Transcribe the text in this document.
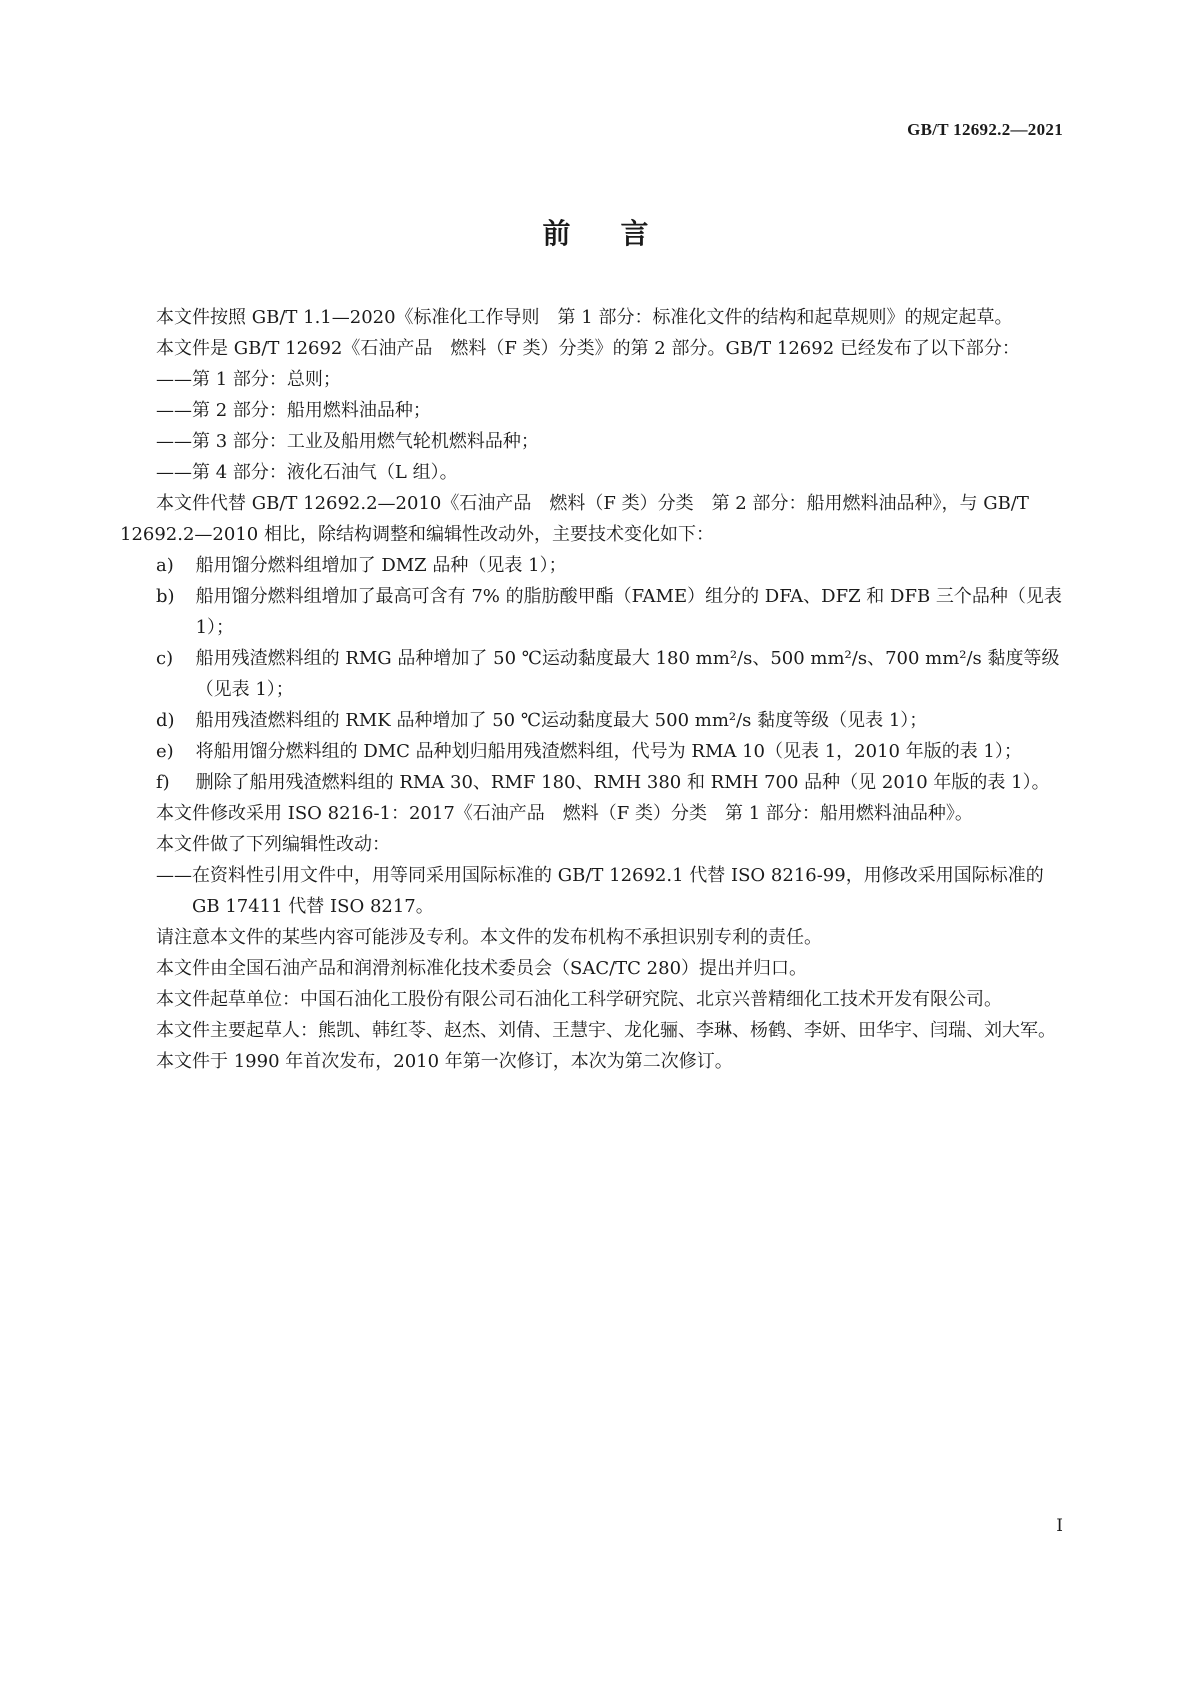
GB/T 12692.2—2021
前言

本文件按照 GB/T 1.1—2020《标准化工作导则　第 1 部分：标准化文件的结构和起草规则》的规定起草。

本文件是 GB/T 12692《石油产品　燃料（F 类）分类》的第 2 部分。GB/T 12692 已经发布了以下部分：

——第 1 部分：总则；

——第 2 部分：船用燃料油品种；

——第 3 部分：工业及船用燃气轮机燃料品种；

——第 4 部分：液化石油气（L 组）。

本文件代替 GB/T 12692.2—2010《石油产品　燃料（F 类）分类　第 2 部分：船用燃料油品种》，与 GB/T 12692.2—2010 相比，除结构调整和编辑性改动外，主要技术变化如下：

a)	船用馏分燃料组增加了 DMZ 品种（见表 1）；
b)	船用馏分燃料组增加了最高可含有 7% 的脂肪酸甲酯（FAME）组分的 DFA、DFZ 和 DFB 三个品种（见表 1）；
c)	船用残渣燃料组的 RMG 品种增加了 50 ℃运动黏度最大 180 mm²/s、500 mm²/s、700 mm²/s 黏度等级（见表 1）；
d)	船用残渣燃料组的 RMK 品种增加了 50 ℃运动黏度最大 500 mm²/s 黏度等级（见表 1）；
e)	将船用馏分燃料组的 DMC 品种划归船用残渣燃料组，代号为 RMA 10（见表 1，2010 年版的表 1）；
f)	删除了船用残渣燃料组的 RMA 30、RMF 180、RMH 380 和 RMH 700 品种（见 2010 年版的表 1）。

本文件修改采用 ISO 8216-1：2017《石油产品　燃料（F 类）分类　第 1 部分：船用燃料油品种》。

本文件做了下列编辑性改动：

——在资料性引用文件中，用等同采用国际标准的 GB/T 12692.1 代替 ISO 8216-99，用修改采用国际标准的 GB 17411 代替 ISO 8217。

请注意本文件的某些内容可能涉及专利。本文件的发布机构不承担识别专利的责任。

本文件由全国石油产品和润滑剂标准化技术委员会（SAC/TC 280）提出并归口。

本文件起草单位：中国石油化工股份有限公司石油化工科学研究院、北京兴普精细化工技术开发有限公司。

本文件主要起草人：熊凯、韩红苓、赵杰、刘倩、王慧宇、龙化骊、李琳、杨鹤、李妍、田华宇、闫瑞、刘大军。

本文件于 1990 年首次发布，2010 年第一次修订，本次为第二次修订。

I
